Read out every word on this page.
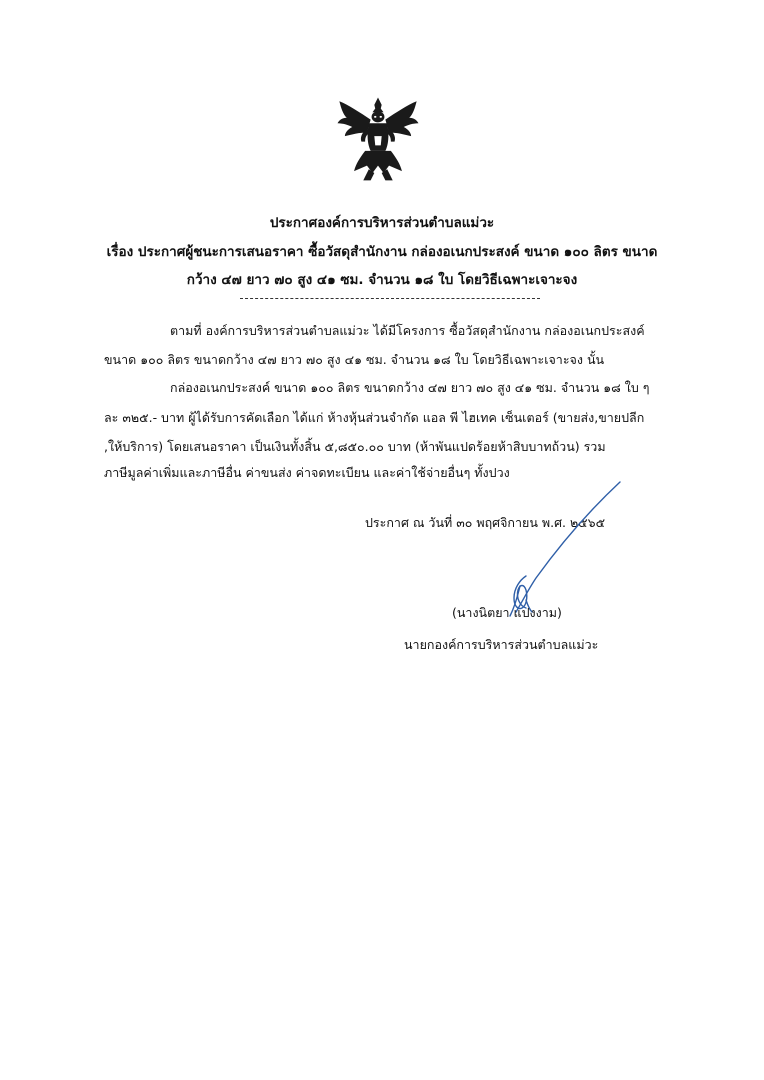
ประกาศองค์การบริหารส่วนตำบลแม่วะ
เรื่อง ประกาศผู้ชนะการเสนอราคา ซื้อวัสดุสำนักงาน กล่องอเนกประสงค์ ขนาด ๑๐๐ ลิตร ขนาด
กว้าง ๔๗ ยาว ๗๐ สูง ๔๑ ซม. จำนวน ๑๘ ใบ โดยวิธีเฉพาะเจาะจง
ตามที่ องค์การบริหารส่วนตำบลแม่วะ ได้มีโครงการ ซื้อวัสดุสำนักงาน กล่องอเนกประสงค์
ขนาด ๑๐๐ ลิตร ขนาดกว้าง ๔๗ ยาว ๗๐ สูง ๔๑ ซม. จำนวน ๑๘ ใบ โดยวิธีเฉพาะเจาะจง นั้น
กล่องอเนกประสงค์ ขนาด ๑๐๐ ลิตร ขนาดกว้าง ๔๗ ยาว ๗๐ สูง ๔๑ ซม. จำนวน ๑๘ ใบ ๆ
ละ ๓๒๕.- บาท ผู้ได้รับการคัดเลือก ได้แก่ ห้างหุ้นส่วนจำกัด แอล พี ไฮเทค เซ็นเตอร์ (ขายส่ง,ขายปลีก
,ให้บริการ) โดยเสนอราคา เป็นเงินทั้งสิ้น ๕,๘๕๐.๐๐ บาท (ห้าพันแปดร้อยห้าสิบบาทถ้วน) รวม
ภาษีมูลค่าเพิ่มและภาษีอื่น ค่าขนส่ง ค่าจดทะเบียน และค่าใช้จ่ายอื่นๆ ทั้งปวง
ประกาศ ณ วันที่ ๓๐ พฤศจิกายน พ.ศ. ๒๕๖๕
(นางนิตยา แปงงาม)
นายกองค์การบริหารส่วนตำบลแม่วะ
